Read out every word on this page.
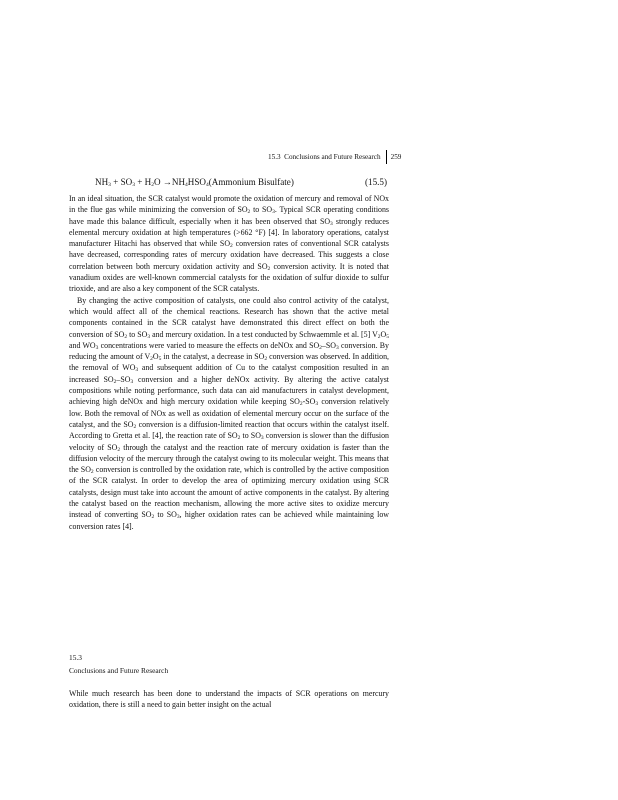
15.3
Conclusions and Future Research 259
$NH_3 + SO_3 + H_2O$ $\to NH_4HSO_4(Ammonium$ Bisulfate)	(15.5)

In an ideal situation, the SCR catalyst would promote the oxidation of mercury and removal of NOx in the flue gas while minimizing the conversion of $SO_2$ to $SO_3$. Typical SCR operating conditions have made this balance difficult, especially when it has been observed that $SO_3$ strongly reduces elemental mercury oxidation at high temperatures (>662 °F) [4]. In laboratory operations, catalyst manufacturer Hitachi has observed that while $SO_2$ conversion rates of conventional SCR catalysts have decreased, corresponding rates of mercury oxidation have decreased. This suggests a close correlation between both mercury oxidation activity and $SO_2$ conversion activity. It is noted that vanadium oxides are well-known commercial catalysts for the oxidation of sulfur dioxide to sulfur trioxide, and are also a key component of the SCR catalysts.

By changing the active composition of catalysts, one could also control activity of the catalyst, which would affect all of the chemical reactions. Research has shown that the active metal components contained in the SCR catalyst have demonstrated this direct effect on both the conversion of $SO_2$ to $SO_3$ and mercury oxidation. In a test conducted by Schwaemmle et al. [5] $V_2O_5$ and $WO_3$ concentrations were varied to measure the effects on deNOx and $SO_2-SO_3$ conversion. By reducing the amount of $V_2O_5$ in the catalyst, a decrease in $SO_2$ conversion was observed. In addition, the removal of $WO_3$ and subsequent addition of Cu to the catalyst composition resulted in an increased $SO_2-SO_3$ conversion and a higher deNOx activity. By altering the active catalyst compositions while noting performance, such data can aid manufacturers in catalyst development, achieving high deNOx and high mercury oxidation while keeping $SO_2-SO_3$ conversion relatively low. Both the removal of NOx as well as oxidation of elemental mercury occur on the surface of the catalyst, and the $SO_2$ conversion is a diffusion-limited reaction that occurs within the catalyst itself. According to Gretta et al. [4], the reaction rate of $SO_2$ to $SO_3$ conversion is slower than the diffusion velocity of $SO_2$ through the catalyst and the reaction rate of mercury oxidation is faster than the diffusion velocity of the mercury through the catalyst owing to its molecular weight. This means that the $SO_2$ conversion is controlled by the oxidation rate, which is controlled by the active composition of the SCR catalyst. In order to develop the area of optimizing mercury oxidation using SCR catalysts, design must take into account the amount of active components in the catalyst. By altering the catalyst based on the reaction mechanism, allowing the more active sites to oxidize mercury instead of converting $SO_2$ to $SO_3$, higher oxidation rates can be achieved while maintaining low conversion rates [4].

15.3
Conclusions and Future Research

While much research has been done to understand the impacts of SCR operations on mercury oxidation, there is still a need to gain better insight on the actual
